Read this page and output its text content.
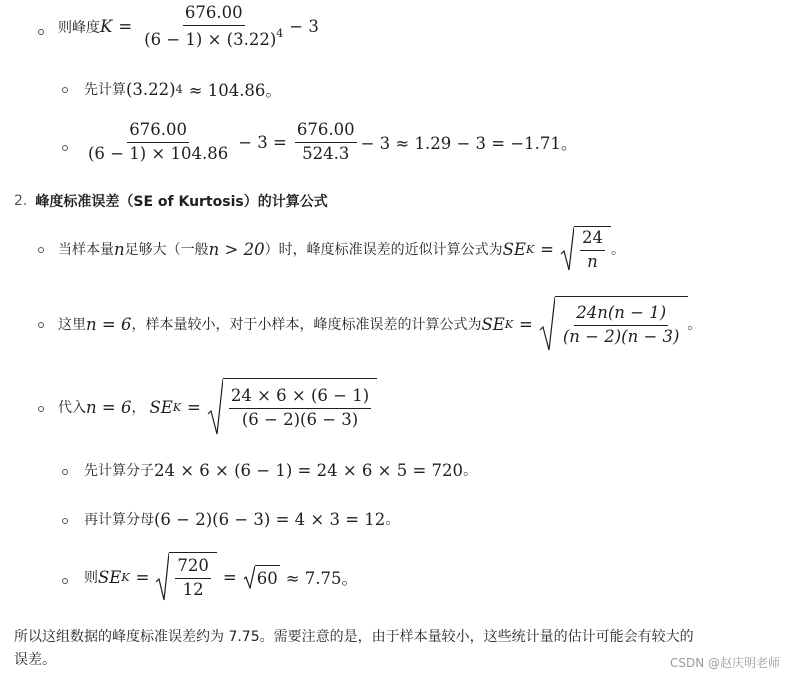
则峰度 $K = \frac{676.00}{(6 - 1) \times (3.22)^4} - 3$
先计算 (3.22) 4 ≈ 104.86。
$\frac{676.00}{(6 - 1) \times 104.86} - 3 = \frac{676.00}{524.3} - 3 \approx 1.29 - 3 = -1.71$。
2. 峰度标准误差（SE of Kurtosis）的计算公式
当样本量 n 足够大（一般 n > 20 ）时，峰度标准误差的近似计算公式为 SE $K = \frac{24}{n}$ 。
这里 n = 6 ，样本量较小，对于小样本，峰度标准误差的计算公式为 SE $K = \frac{24n(n - 1)}{(n - 2)(n - 3)}$ 。
代入 n = 6 ， SE $K = \frac{24 \times 6 \times (6 - 1)}{(6 - 2)(6 - 3)}$
先计算分子 24 × 6 × (6 − 1) = 24 × 6 × 5 = 720 。
再计算分母 (6 − 2)(6 − 3) = 4 × 3 = 12 。
则 SE $K = \frac{720}{12} = 60 \approx 7.75$。
所以这组数据的峰度标准误差约为 7.75。需要注意的是，由于样本量较小，这些统计量的估计可能会有较大的
误差。	CSDN @赵庆明老师
